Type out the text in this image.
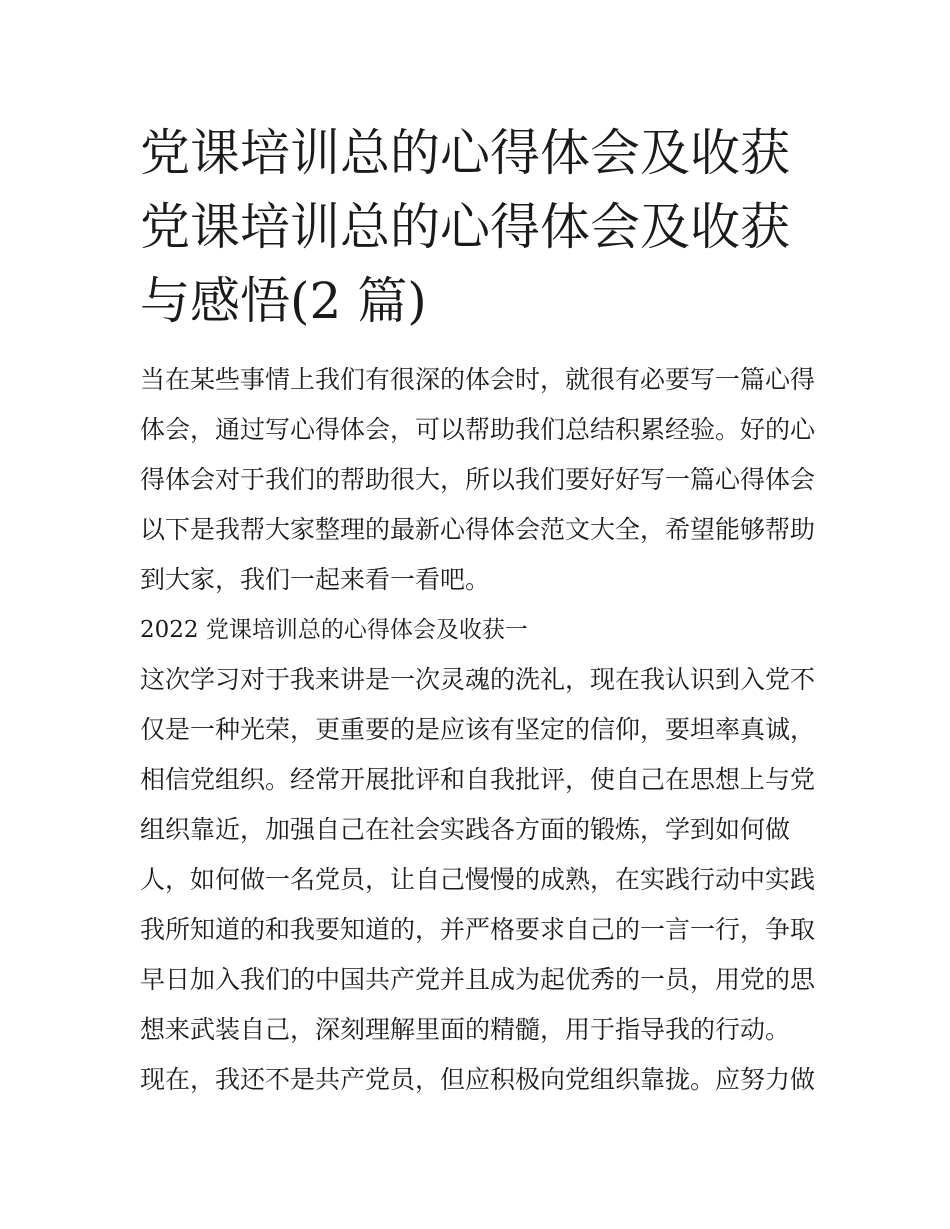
党课培训总的心得体会及收获
党课培训总的心得体会及收获
与感悟(2 篇)
当在某些事情上我们有很深的体会时，就很有必要写一篇心得
体会，通过写心得体会，可以帮助我们总结积累经验。好的心
得体会对于我们的帮助很大，所以我们要好好写一篇心得体会
以下是我帮大家整理的最新心得体会范文大全，希望能够帮助
到大家，我们一起来看一看吧。
2022 党课培训总的心得体会及收获一
这次学习对于我来讲是一次灵魂的洗礼，现在我认识到入党不
仅是一种光荣，更重要的是应该有坚定的信仰，要坦率真诚，
相信党组织。经常开展批评和自我批评，使自己在思想上与党
组织靠近，加强自己在社会实践各方面的锻炼，学到如何做
人，如何做一名党员，让自己慢慢的成熟，在实践行动中实践
我所知道的和我要知道的，并严格要求自己的一言一行，争取
早日加入我们的中国共产党并且成为起优秀的一员，用党的思
想来武装自己，深刻理解里面的精髓，用于指导我的行动。
现在，我还不是共产党员，但应积极向党组织靠拢。应努力做
